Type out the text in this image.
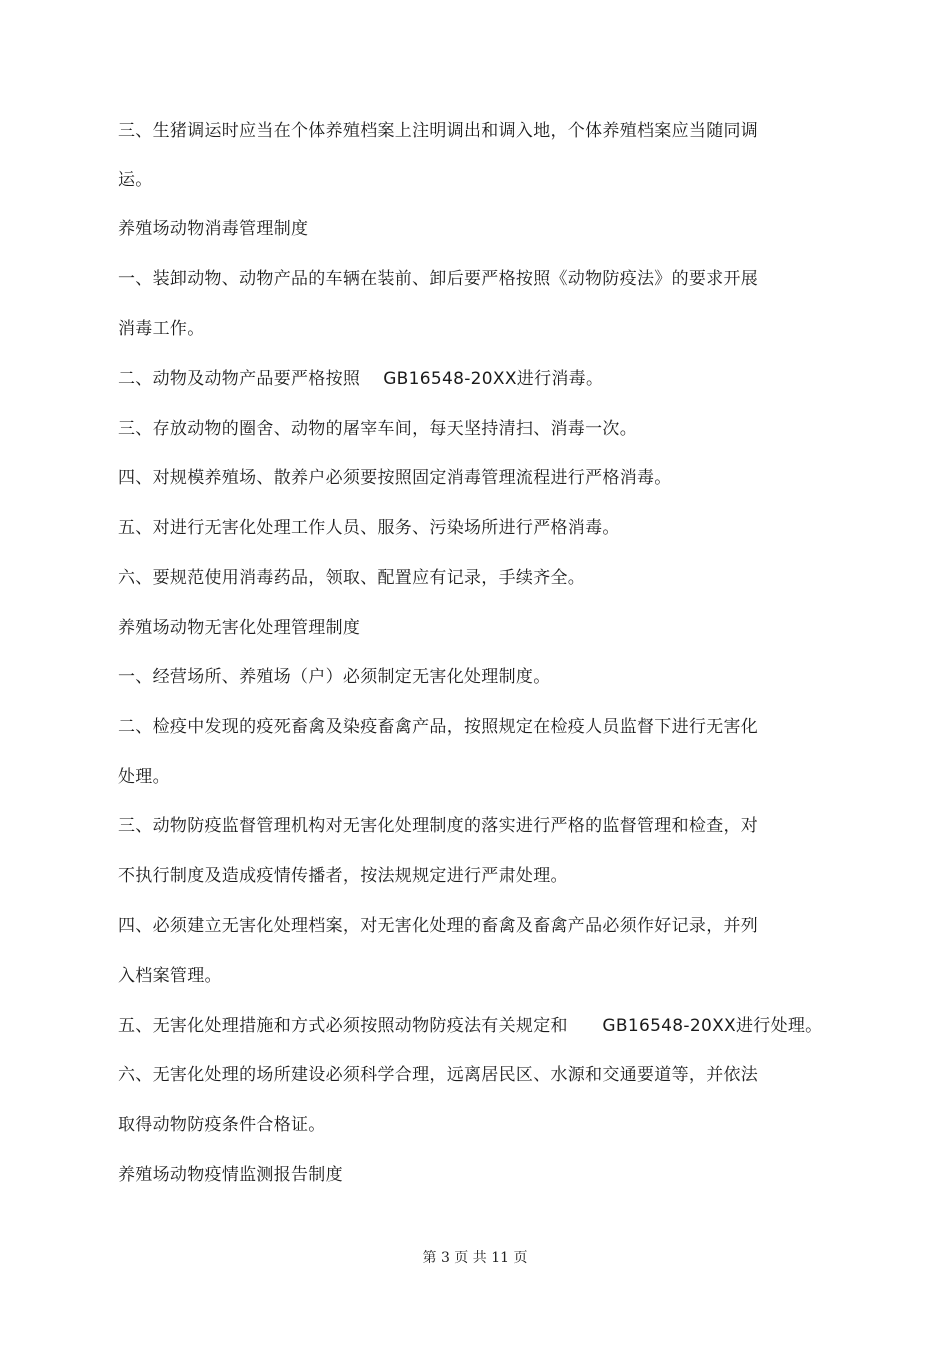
三、生猪调运时应当在个体养殖档案上注明调出和调入地，个体养殖档案应当随同调
运。
养殖场动物消毒管理制度
一、装卸动物、动物产品的车辆在装前、卸后要严格按照《动物防疫法》的要求开展
消毒工作。
二、动物及动物产品要严格按照　 GB16548-20XX进行消毒。
三、存放动物的圈舍、动物的屠宰车间，每天坚持清扫、消毒一次。
四、对规模养殖场、散养户必须要按照固定消毒管理流程进行严格消毒。
五、对进行无害化处理工作人员、服务、污染场所进行严格消毒。
六、要规范使用消毒药品，领取、配置应有记录，手续齐全。
养殖场动物无害化处理管理制度
一、经营场所、养殖场（户）必须制定无害化处理制度。
二、检疫中发现的疫死畜禽及染疫畜禽产品，按照规定在检疫人员监督下进行无害化
处理。
三、动物防疫监督管理机构对无害化处理制度的落实进行严格的监督管理和检查，对
不执行制度及造成疫情传播者，按法规规定进行严肃处理。
四、必须建立无害化处理档案，对无害化处理的畜禽及畜禽产品必须作好记录，并列
入档案管理。
五、无害化处理措施和方式必须按照动物防疫法有关规定和　　GB16548-20XX进行处理。
六、无害化处理的场所建设必须科学合理，远离居民区、水源和交通要道等，并依法
取得动物防疫条件合格证。
养殖场动物疫情监测报告制度
第 3 页 共 11 页
